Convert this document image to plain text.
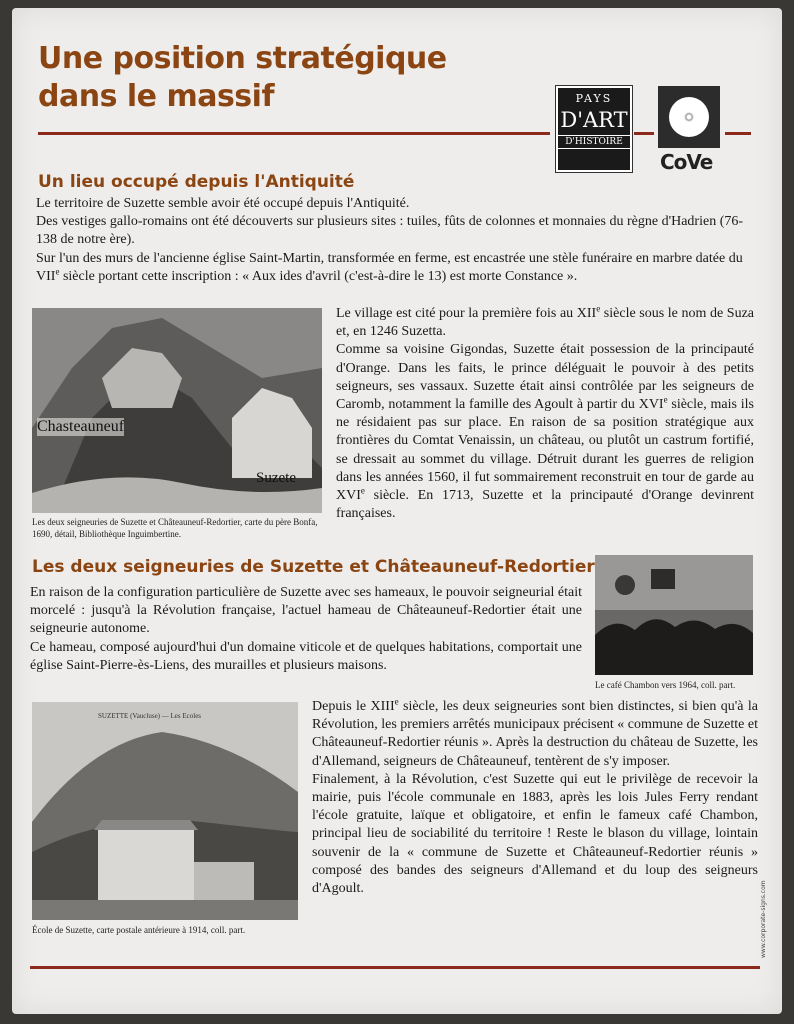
Une position stratégique
dans le massif	PAYS
D'ART
D'HISTOIRE
CoVe
Un lieu occupé depuis l'Antiquité

Le territoire de Suzette semble avoir été occupé depuis l'Antiquité.

Des vestiges gallo-romains ont été découverts sur plusieurs sites : tuiles, fûts de colonnes et monnaies du règne d'Hadrien (76-138 de notre ère).

Sur l'un des murs de l'ancienne église Saint-Martin, transformée en ferme, est encastrée une stèle funéraire en marbre datée du VIIe siècle portant cette inscription : « Aux ides d'avril (c'est-à-dire le 13) est morte Constance ».

Chasteauneuf
Suzete
Les deux seigneuries de Suzette et Châteauneuf-Redortier, carte du père Bonfa, 1690, détail, Bibliothèque Inguimbertine.

Le village est cité pour la première fois au XIIe siècle sous le nom de Suza et, en 1246 Suzetta.

Comme sa voisine Gigondas, Suzette était possession de la principauté d'Orange. Dans les faits, le prince déléguait le pouvoir à des petits seigneurs, ses vassaux. Suzette était ainsi contrôlée par les seigneurs de Caromb, notamment la famille des Agoult à partir du XVIe siècle, mais ils ne résidaient pas sur place. En raison de sa position stratégique aux frontières du Comtat Venaissin, un château, ou plutôt un castrum fortifié, se dressait au sommet du village. Détruit durant les guerres de religion dans les années 1560, il fut sommairement reconstruit en tour de garde au XVIe siècle. En 1713, Suzette et la principauté d'Orange devinrent françaises.

Les deux seigneuries de Suzette et Châteauneuf-Redortier

En raison de la configuration particulière de Suzette avec ses hameaux, le pouvoir seigneurial était morcelé : jusqu'à la Révolution française, l'actuel hameau de Châteauneuf-Redortier était une seigneurie autonome.

Ce hameau, composé aujourd'hui d'un domaine viticole et de quelques habitations, comportait une église Saint-Pierre-ès-Liens, des murailles et plusieurs maisons.

Le café Chambon vers 1964, coll. part.
SUZETTE (Vaucluse) — Les Ecoles
École de Suzette, carte postale antérieure à 1914, coll. part.

Depuis le XIIIe siècle, les deux seigneuries sont bien distinctes, si bien qu'à la Révolution, les premiers arrêtés municipaux précisent « commune de Suzette et Châteauneuf-Redortier réunis ». Après la destruction du château de Suzette, les d'Allemand, seigneurs de Châteauneuf, tentèrent de s'y imposer.

Finalement, à la Révolution, c'est Suzette qui eut le privilège de recevoir la mairie, puis l'école communale en 1883, après les lois Jules Ferry rendant l'école gratuite, laïque et obligatoire, et enfin le fameux café Chambon, principal lieu de sociabilité du territoire ! Reste le blason du village, lointain souvenir de la « commune de Suzette et Châteauneuf-Redortier réunis » composé des bandes des seigneurs d'Allemand et du loup des seigneurs d'Agoult.	www.corporate-signs.com
